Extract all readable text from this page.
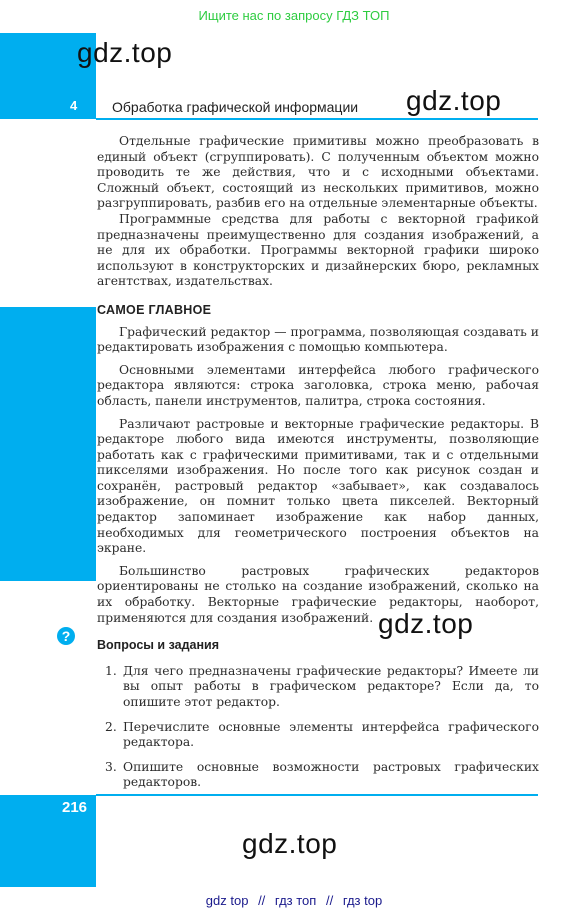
Ищите нас по запросу ГДЗ ТОП
gdz.top
4 Обработка графической информации gdz.top

Отдельные графические примитивы можно преобразовать в единый объект (сгруппировать). С полученным объектом можно проводить те же действия, что и с исходными объектами. Сложный объект, состоящий из нескольких примитивов, можно разгруппировать, разбив его на отдельные элементарные объекты.

Программные средства для работы с векторной графикой предназначены преимущественно для создания изображений, а не для их обработки. Программы векторной графики широко используют в конструкторских и дизайнерских бюро, рекламных агентствах, издательствах.

САМОЕ ГЛАВНОЕ

Графический редактор — программа, позволяющая создавать и редактировать изображения с помощью компьютера.

Основными элементами интерфейса любого графического редактора являются: строка заголовка, строка меню, рабочая область, панели инструментов, палитра, строка состояния.

Различают растровые и векторные графические редакторы. В редакторе любого вида имеются инструменты, позволяющие работать как с графическими примитивами, так и с отдельными пикселями изображения. Но после того как рисунок создан и сохранён, растровый редактор «забывает», как создавалось изображение, он помнит только цвета пикселей. Векторный редактор запоминает изображение как набор данных, необходимых для геометрического построения объектов на экране.

Большинство растровых графических редакторов ориентированы не столько на создание изображений, сколько на их обработку. Векторные графические редакторы, наоборот, применяются для создания изображений.

Вопросы и задания

1. Для чего предназначены графические редакторы? Имеете ли вы опыт работы в графическом редакторе? Если да, то опишите этот редактор.
2. Перечислите основные элементы интерфейса графического редактора.
3. Опишите основные возможности растровых графических редакторов.
?	gdz.top
216
gdz.top
gdz top // гдз топ // гдз top
